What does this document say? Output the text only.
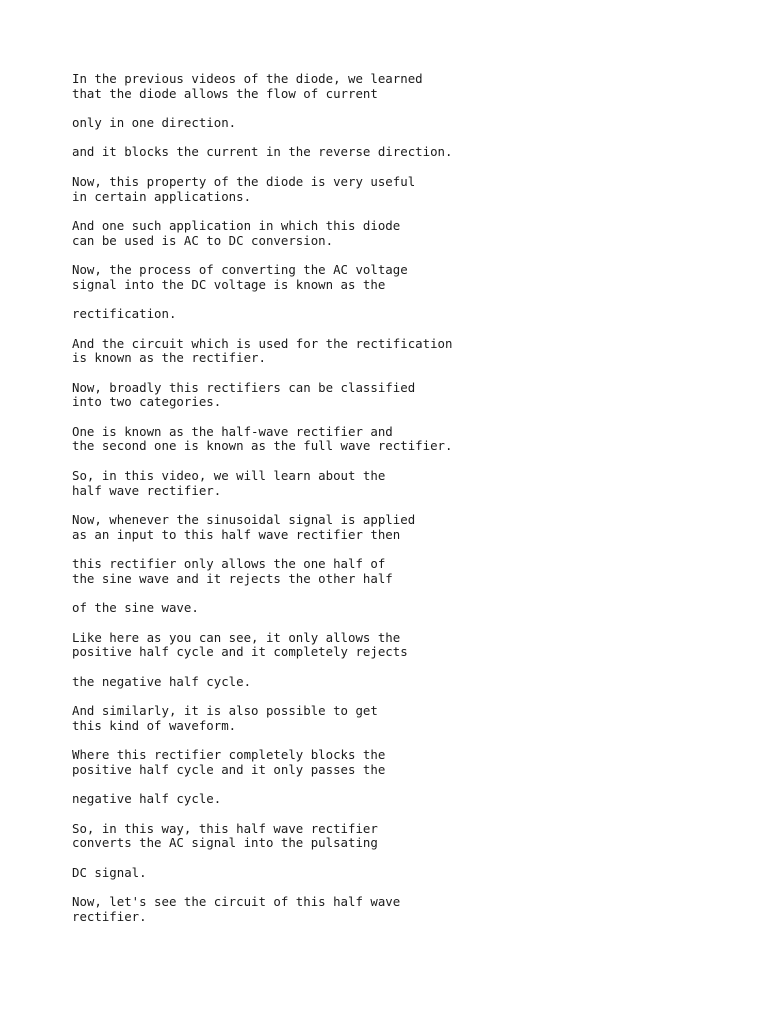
In the previous videos of the diode, we learned
that the diode allows the flow of current

only in one direction.

and it blocks the current in the reverse direction.

Now, this property of the diode is very useful
in certain applications.

And one such application in which this diode
can be used is AC to DC conversion.

Now, the process of converting the AC voltage
signal into the DC voltage is known as the

rectification.

And the circuit which is used for the rectification
is known as the rectifier.

Now, broadly this rectifiers can be classified
into two categories.

One is known as the half-wave rectifier and
the second one is known as the full wave rectifier.

So, in this video, we will learn about the
half wave rectifier.

Now, whenever the sinusoidal signal is applied
as an input to this half wave rectifier then

this rectifier only allows the one half of
the sine wave and it rejects the other half

of the sine wave.

Like here as you can see, it only allows the
positive half cycle and it completely rejects

the negative half cycle.

And similarly, it is also possible to get
this kind of waveform.

Where this rectifier completely blocks the
positive half cycle and it only passes the

negative half cycle.

So, in this way, this half wave rectifier
converts the AC signal into the pulsating

DC signal.

Now, let's see the circuit of this half wave
rectifier.
